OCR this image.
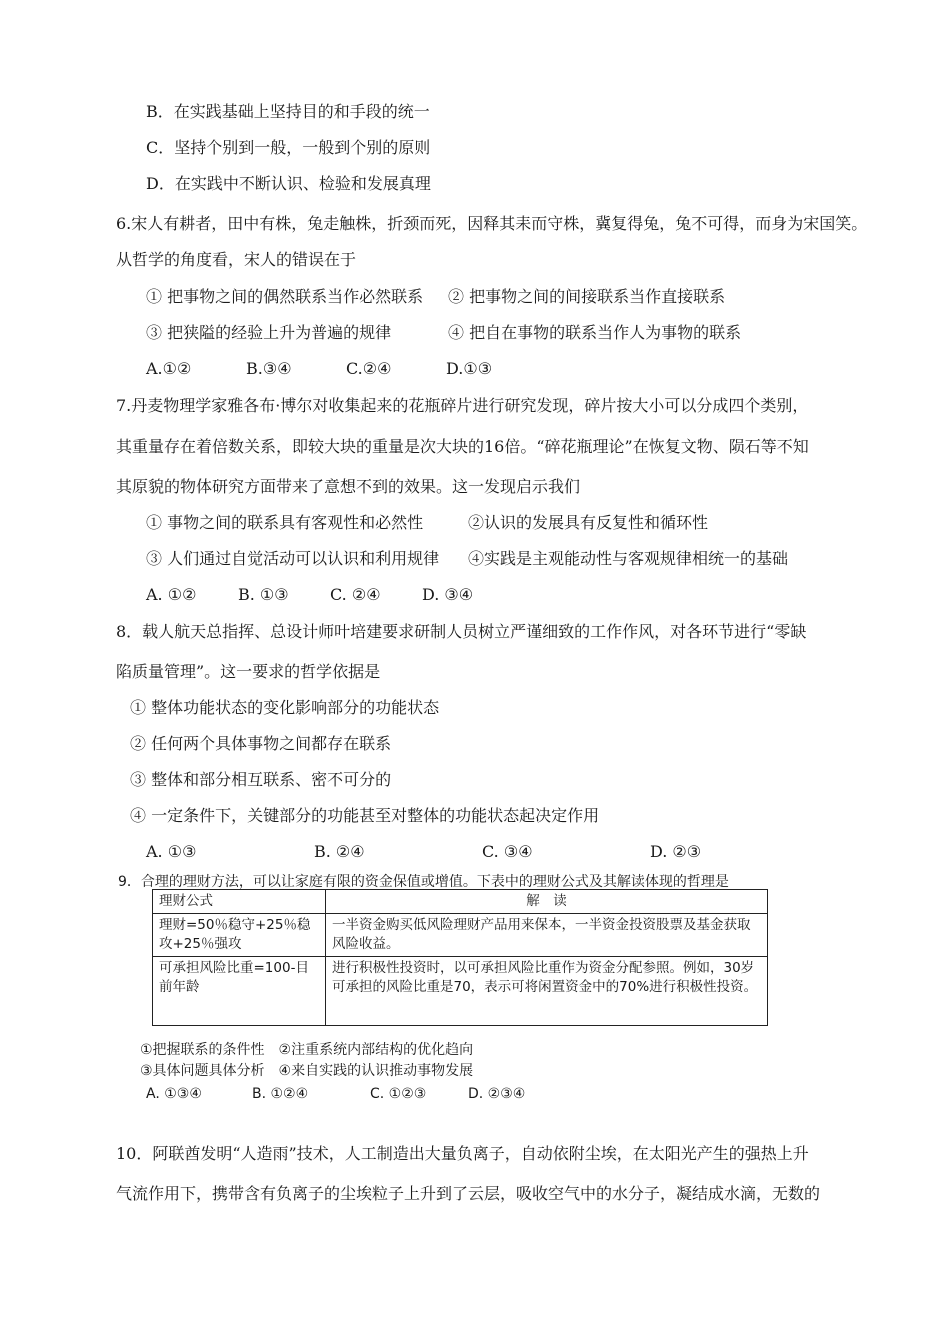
B．在实践基础上坚持目的和手段的统一
C．坚持个别到一般，一般到个别的原则
D．在实践中不断认识、检验和发展真理
6.宋人有耕者，田中有株，兔走触株，折颈而死，因释其耒而守株，冀复得兔，兔不可得，而身为宋国笑。
从哲学的角度看，宋人的错误在于
① 把事物之间的偶然联系当作必然联系 ② 把事物之间的间接联系当作直接联系
③ 把狭隘的经验上升为普遍的规律	④ 把自在事物的联系当作人为事物的联系
A.①②	B.③④	C.②④	D.①③
7.丹麦物理学家雅各布·博尔对收集起来的花瓶碎片进行研究发现，碎片按大小可以分成四个类别，
其重量存在着倍数关系，即较大块的重量是次大块的16倍。“碎花瓶理论”在恢复文物、陨石等不知
其原貌的物体研究方面带来了意想不到的效果。这一发现启示我们
① 事物之间的联系具有客观性和必然性	②认识的发展具有反复性和循环性
③ 人们通过自觉活动可以认识和利用规律 ④实践是主观能动性与客观规律相统一的基础
A. ①②	B. ①③	C. ②④	D. ③④
8．载人航天总指挥、总设计师叶培建要求研制人员树立严谨细致的工作作风，对各环节进行“零缺
陷质量管理”。这一要求的哲学依据是
① 整体功能状态的变化影响部分的功能状态
② 任何两个具体事物之间都存在联系
③ 整体和部分相互联系、密不可分的
④ 一定条件下，关键部分的功能甚至对整体的功能状态起决定作用
A. ①③	B. ②④	C. ③④	D. ②③
9．合理的理财方法，可以让家庭有限的资金保值或增值。下表中的理财公式及其解读体现的哲理是
理财公式	解　读
理财=50％稳守+25％稳攻+25％强攻	一半资金购买低风险理财产品用来保本，一半资金投资股票及基金获取风险收益。
可承担风险比重=100-目前年龄	进行积极性投资时，以可承担风险比重作为资金分配参照。例如，30岁可承担的风险比重是70，表示可将闲置资金中的70%进行积极性投资。
①把握联系的条件性　②注重系统内部结构的优化趋向
③具体问题具体分析　④来自实践的认识推动事物发展
A. ①③④	B. ①②④	C. ①②③	D. ②③④
10．阿联酋发明“人造雨”技术，人工制造出大量负离子，自动依附尘埃，在太阳光产生的强热上升
气流作用下，携带含有负离子的尘埃粒子上升到了云层，吸收空气中的水分子，凝结成水滴，无数的
